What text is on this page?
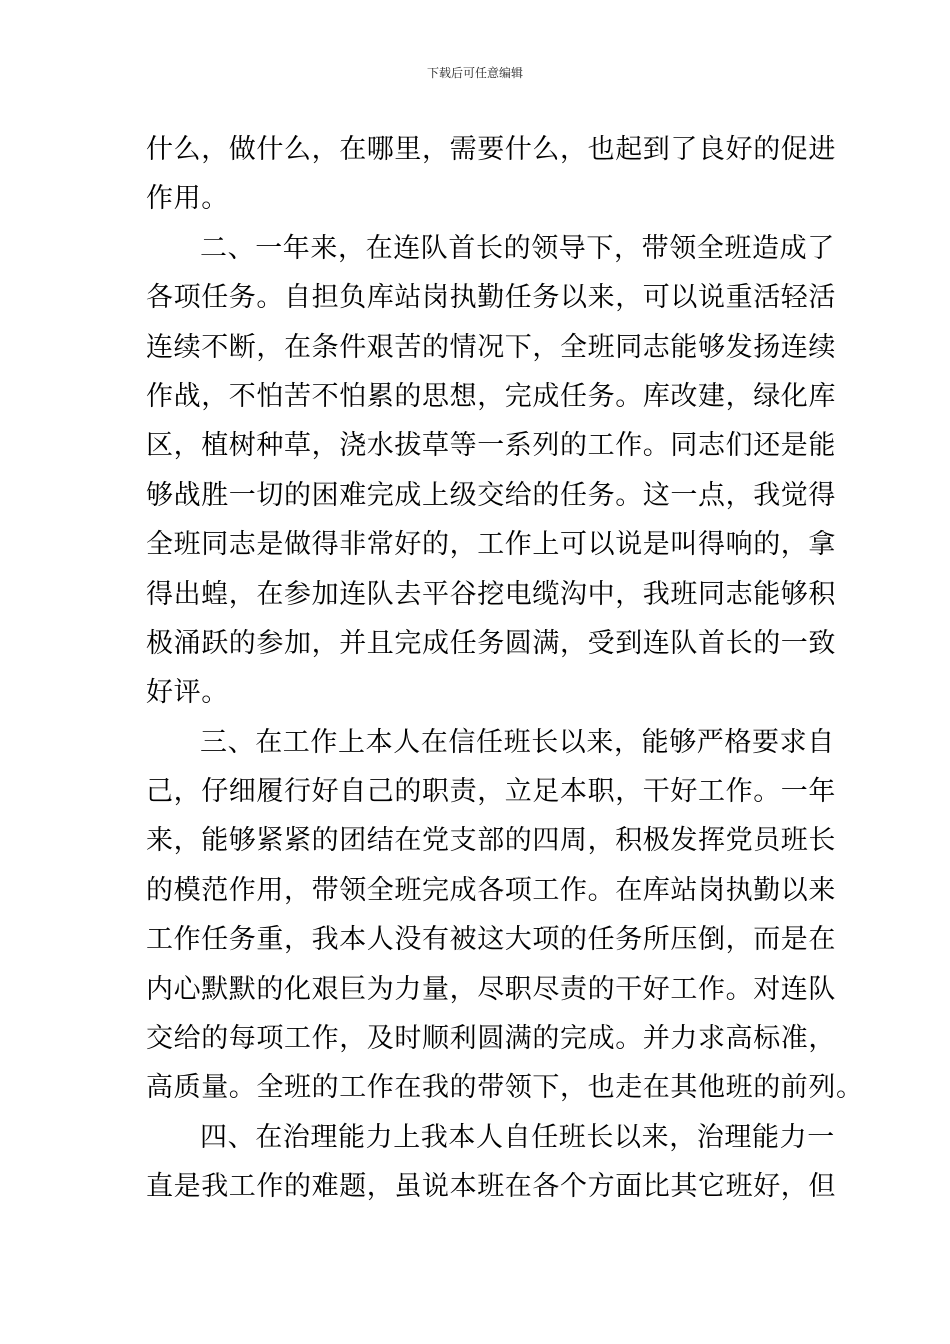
下载后可任意编辑
什么，做什么，在哪里，需要什么，也起到了良好的促进
作用。
二、一年来，在连队首长的领导下，带领全班造成了
各项任务。自担负库站岗执勤任务以来，可以说重活轻活
连续不断，在条件艰苦的情况下，全班同志能够发扬连续
作战，不怕苦不怕累的思想，完成任务。库改建，绿化库
区，植树种草，浇水拔草等一系列的工作。同志们还是能
够战胜一切的困难完成上级交给的任务。这一点，我觉得
全班同志是做得非常好的，工作上可以说是叫得响的，拿
得出蝗，在参加连队去平谷挖电缆沟中，我班同志能够积
极涌跃的参加，并且完成任务圆满，受到连队首长的一致
好评。
三、在工作上本人在信任班长以来，能够严格要求自
己，仔细履行好自己的职责，立足本职，干好工作。一年
来，能够紧紧的团结在党支部的四周，积极发挥党员班长
的模范作用，带领全班完成各项工作。在库站岗执勤以来
工作任务重，我本人没有被这大项的任务所压倒，而是在
内心默默的化艰巨为力量，尽职尽责的干好工作。对连队
交给的每项工作，及时顺利圆满的完成。并力求高标准，
高质量。全班的工作在我的带领下，也走在其他班的前列。
四、在治理能力上我本人自任班长以来，治理能力一
直是我工作的难题，虽说本班在各个方面比其它班好，但
